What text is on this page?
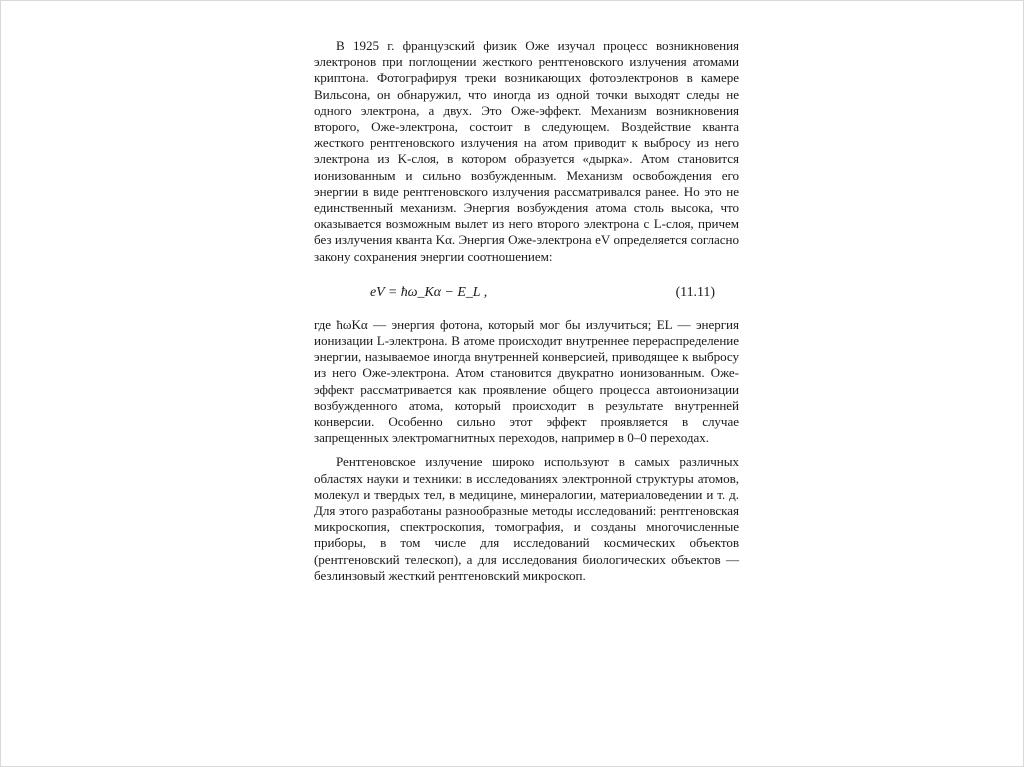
В 1925 г. французский физик Оже изучал процесс возникновения электронов при поглощении жесткого рентгеновского излучения атомами криптона. Фотографируя треки возникающих фотоэлектронов в камере Вильсона, он обнаружил, что иногда из одной точки выходят следы не одного электрона, а двух. Это Оже-эффект. Механизм возникновения второго, Оже-электрона, состоит в следующем. Воздействие кванта жесткого рентгеновского излучения на атом приводит к выбросу из него электрона из K-слоя, в котором образуется «дырка». Атом становится ионизованным и сильно возбужденным. Механизм освобождения его энергии в виде рентгеновского излучения рассматривался ранее. Но это не единственный механизм. Энергия возбуждения атома столь высока, что оказывается возможным вылет из него второго электрона с L-слоя, причем без излучения кванта Kα. Энергия Оже-электрона eV определяется согласно закону сохранения энергии соотношением:

eV = ħω_Kα − E_L ,	(11.11)

где ħωKα — энергия фотона, который мог бы излучиться; EL — энергия ионизации L-электрона. В атоме происходит внутреннее перераспределение энергии, называемое иногда внутренней конверсией, приводящее к выбросу из него Оже-электрона. Атом становится двукратно ионизованным. Оже-эффект рассматривается как проявление общего процесса автоионизации возбужденного атома, который происходит в результате внутренней конверсии. Особенно сильно этот эффект проявляется в случае запрещенных электромагнитных переходов, например в 0–0 переходах.

Рентгеновское излучение широко используют в самых различных областях науки и техники: в исследованиях электронной структуры атомов, молекул и твердых тел, в медицине, минералогии, материаловедении и т. д. Для этого разработаны разнообразные методы исследований: рентгеновская микроскопия, спектроскопия, томография, и созданы многочисленные приборы, в том числе для исследований космических объектов (рентгеновский телескоп), а для исследования биологических объектов — безлинзовый жесткий рентгеновский микроскоп.
